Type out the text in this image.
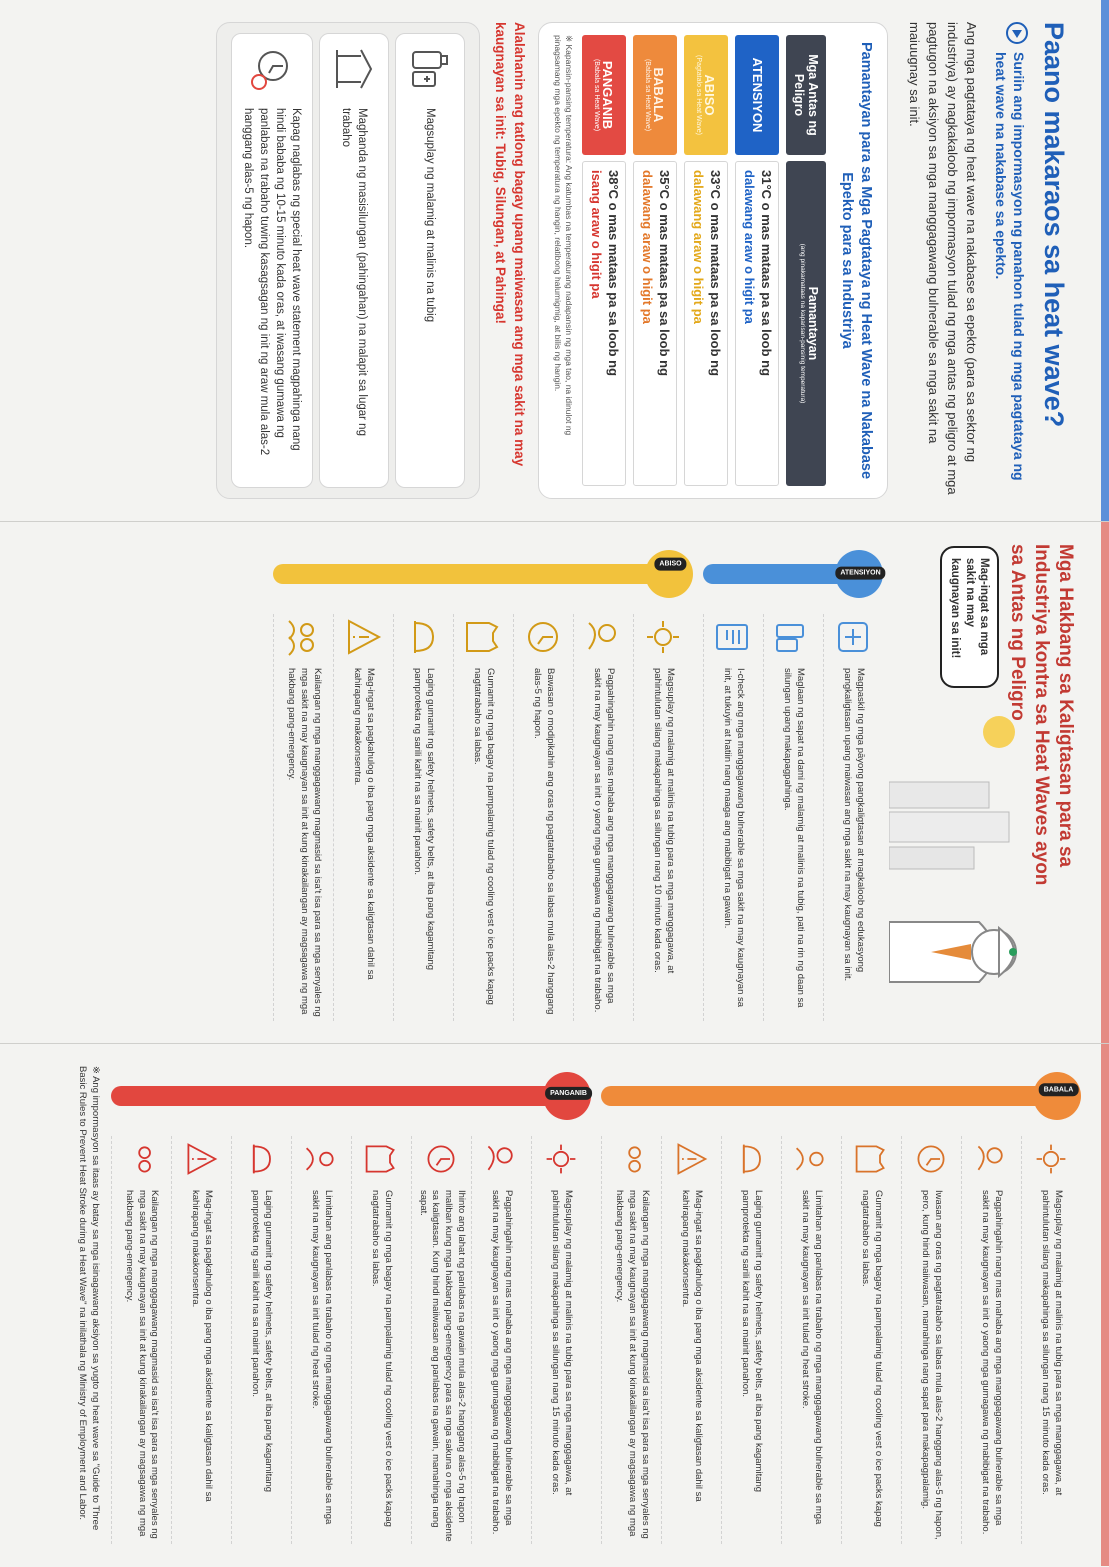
Paano makaraos sa heat wave?
Suriin ang impormasyon ng panahon tulad ng mga pagtataya ng heat wave na nakabase sa epekto.

Ang mga pagtataya ng heat wave na nakabase sa epekto (para sa sektor ng industriya) ay nagkakaloob ng impormasyon tulad ng mga antas ng peligro at mga pagtugon na aksiyon sa mga manggagawang bulnerable sa mga sakit na maiuugnay sa init.

Pamantayan para sa Mga Pagtataya ng Heat Wave na Nakabase Epekto para sa Industriya
Mga Antas ng Peligro
Pamantayan
(ang pinakamataas na kaparisan-pansinig temperatura)
ATENSIYON
31°C o mas mataas pa sa loob ng
dalawang araw o higit pa
ABISO
(Pagtatalo sa Heat Wave)
33°C o mas mataas pa sa loob ng
dalawang araw o higit pa
BABALA
(Babala sa Heat Wave)
35°C o mas mataas pa sa loob ng
dalawang araw o higit pa
PANGANIB
(Babala sa Heat Wave)
38°C o mas mataas pa sa loob ng
isang araw o higit pa

※ Kapansin-pansing temperatura: Ang katumbas na temperaturang nadapansin ng mga tao, na idinulot ng pinagsamang mga epekto ng temperatura ng hangin, relatibong halumigmig, at bilis ng hangin.

Alalahanin ang tatlong bagay upang maiwasan ang mga sakit na may kaugnayan sa init: Tubig, Silungan, at Pahinga!

Magsuplay ng malamig at malinis na tubig
Maghanda ng masisilungan (pahingahan) na malapit sa lugar ng trabaho
Kapag naglabas ng special heat wave statement magpahinga nang hindi bababa ng 10-15 minuto kada oras, at iwasang gumawa ng panlabas na trabaho tuwing kasagsagan ng init ng araw mula alas-2 hanggang alas-5 ng hapon.
Mga Hakbang sa Kaligtasan para sa Industriya kontra sa Heat Waves ayon sa Antas ng Peligro
Mag-ingat sa mga sakit na may kaugnayan sa init!
ATENSIYON
Magpaskil ng mga pāyong pangkaligtasan at magkaloob ng edukasyong pangkaligtasan upang maiwasan ang mga sakit na may kaugnayan sa init.
Maglaan ng sapat na dami ng malamig at malinis na tubig, pati na rin ng daan sa silungan upang makapagpahinga.
I-check ang mga manggagawang bulnerable sa mga sakit na may kaugnayan sa init, at tukuyin at hatiin nang maaga ang mabibigat na gawain.
ABISO
Magsuplay ng malamig at malinis na tubig para sa mga manggagawa, at pahintulutan silang makapahinga sa silungan nang 10 minuto kada oras.
Pagpahingahin nang mas mahaba ang mga manggagawang bulnerable sa mga sakit na may kaugnayan sa init o yaong mga gumagawa ng mabibigat na trabaho.
Bawasan o modipikahin ang oras ng pagtatrabaho sa labas mula alas-2 hanggang alas-5 ng hapon.
Gumamit ng mga bagay na pampalamig tulad ng cooling vest o ice packs kapag nagtatrabaho sa labas.
Laging gumamit ng safety helmets, safety belts, at iba pang kagamitang pamprotekta ng sarili kahit na sa mainit panahon.
Mag-ingat sa pagkahulog o iba pang mga aksidente sa kaligtasan dahil sa kahirapang makakonsentra.
Kailangan ng mga manggagawang magmasid sa isa't isa para sa mga senyales ng mga sakit na may kaugnayan sa init at kung kinakailangan ay magsagawa ng mga hakbang pang-emergency.
BABALA
Magsuplay ng malamig at malinis na tubig para sa mga manggagawa, at pahintulutan silang makapahinga sa silungan nang 15 minuto kada oras.
Pagpahingahin nang mas mahaba ang mga manggagawang bulnerable sa mga sakit na may kaugnayan sa init o yaong mga gumagawa ng mabibigat na trabaho.
Iwasan ang oras ng pagtatrabaho sa labas mula alas-2 hanggang alas-5 ng hapon, pero, kung hindi maiiwasan, mamahinga nang sapat para makapagpalamig.
Gumamit ng mga bagay na pampalamig tulad ng cooling vest o ice packs kapag nagtatrabaho sa labas.
Limitahan ang panlabas na trabaho ng mga manggagawang bulnerable sa mga sakit na may kaugnayan sa init tulad ng heat stroke.
Laging gumamit ng safety helmets, safety belts, at iba pang kagamitang pamprotekta ng sarili kahit na sa mainit panahon.
Mag-ingat sa pagkahulog o iba pang mga aksidente sa kaligtasan dahil sa kahirapang makakonsentra.
Kailangan ng mga manggagawang magmasid sa isa't isa para sa mga senyales ng mga sakit na may kaugnayan sa init at kung kinakailangan ay magsagawa ng mga hakbang pang-emergency.
PANGANIB
Magsuplay ng malamig at malinis na tubig para sa mga manggagawa, at pahintulutan silang makapahinga sa silungan nang 15 minuto kada oras.
Pagpahingahin nang mas mahaba ang mga manggagawang bulnerable sa mga sakit na may kaugnayan sa init o yaong mga gumagawa ng mabibigat na trabaho.
Ihinto ang lahat ng panlabas na gawain mula alas-2 hanggang alas-5 ng hapon maliban kung mga hakbang pang-emergency para sa mga sakuna o mga aksidente sa kaligtasan. Kung hindi maiiwasan ang panlabas na gawain, mamahinga nang sapat.
Gumamit ng mga bagay na pampalamig tulad ng cooling vest o ice packs kapag nagtatrabaho sa labas.
Limitahan ang panlabas na trabaho ng mga manggagawang bulnerable sa mga sakit na may kaugnayan sa init tulad ng heat stroke.
Laging gumamit ng safety helmets, safety belts, at iba pang kagamitang pamprotekta ng sarili kahit na sa mainit panahon.
Mag-ingat sa pagkahulog o iba pang mga aksidente sa kaligtasan dahil sa kahirapang makakonsentra.
Kailangan ng mga manggagawang magmasid sa isa't isa para sa mga senyales ng mga sakit na may kaugnayan sa init at kung kinakailangan ay magsagawa ng mga hakbang pang-emergency.

※ Ang impormasyon sa itaas ay batay sa mga isinagawang aksiyon sa yugto ng heat wave sa "Guide to Three Basic Rules to Prevent Heat Stroke during a Heat Wave" na inilathala ng Ministry of Employment and Labor.
